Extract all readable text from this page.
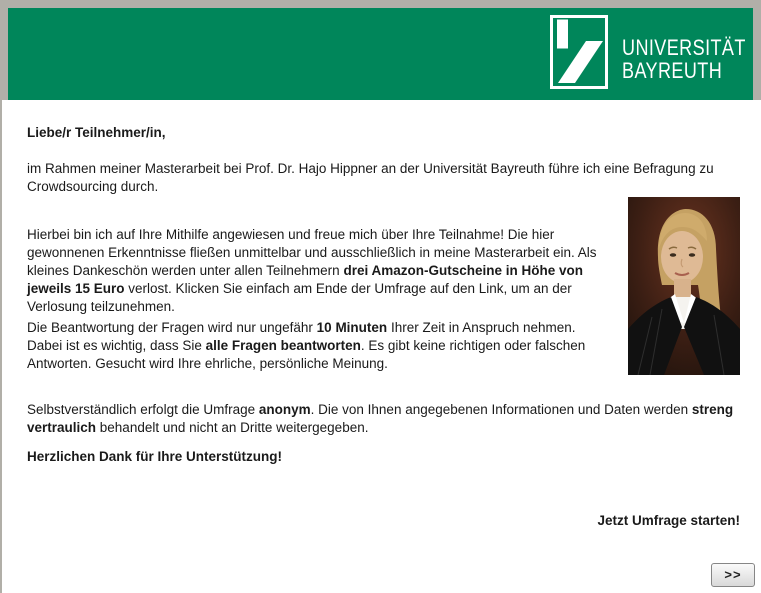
UNIVERSITÄT
BAYREUTH

Liebe/r Teilnehmer/in,

im Rahmen meiner Masterarbeit bei Prof. Dr. Hajo Hippner an der Universität Bayreuth führe ich eine Befragung zu Crowdsourcing durch.

Hierbei bin ich auf Ihre Mithilfe angewiesen und freue mich über Ihre Teilnahme! Die hier gewonnenen Erkenntnisse fließen unmittelbar und ausschließlich in meine Masterarbeit ein. Als kleines Dankeschön werden unter allen Teilnehmern drei Amazon-Gutscheine in Höhe von jeweils 15 Euro verlost. Klicken Sie einfach am Ende der Umfrage auf den Link, um an der Verlosung teilzunehmen.

Die Beantwortung der Fragen wird nur ungefähr 10 Minuten Ihrer Zeit in Anspruch nehmen. Dabei ist es wichtig, dass Sie alle Fragen beantworten. Es gibt keine richtigen oder falschen Antworten. Gesucht wird Ihre ehrliche, persönliche Meinung.

Selbstverständlich erfolgt die Umfrage anonym. Die von Ihnen angegebenen Informationen und Daten werden streng vertraulich behandelt und nicht an Dritte weitergegeben.

Herzlichen Dank für Ihre Unterstützung!

Jetzt Umfrage starten!

>>
